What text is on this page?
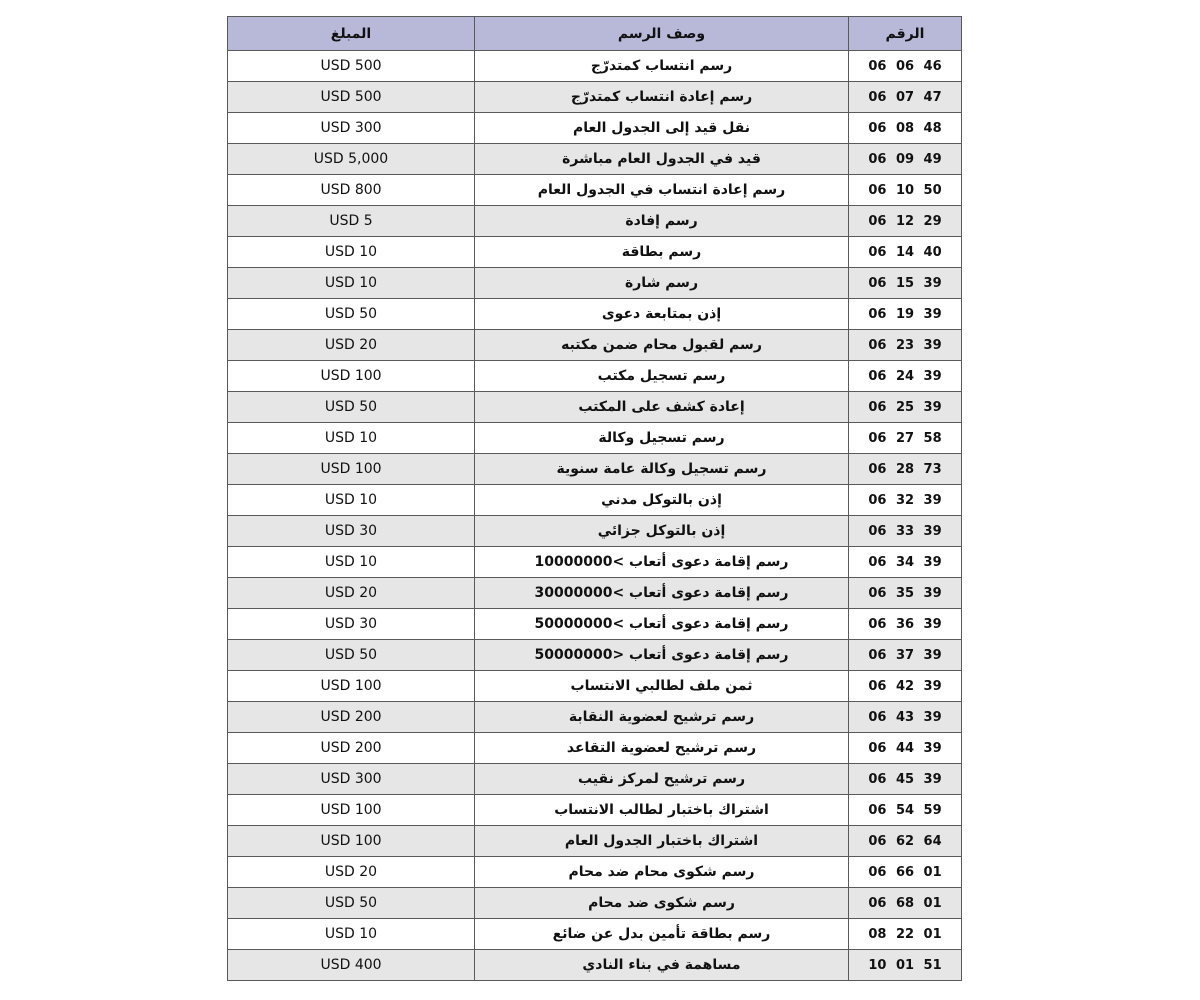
الرقم	وصف الرسم	المبلغ
06 06 46	رسم انتساب كمتدرّج	USD 500
06 07 47	رسم إعادة انتساب كمتدرّج	USD 500
06 08 48	نقل قيد إلى الجدول العام	USD 300
06 09 49	قيد في الجدول العام مباشرة	USD 5,000
06 10 50	رسم إعادة انتساب في الجدول العام	USD 800
06 12 29	رسم إفادة	USD 5
06 14 40	رسم بطاقة	USD 10
06 15 39	رسم شارة	USD 10
06 19 39	إذن بمتابعة دعوى	USD 50
06 23 39	رسم لقبول محام ضمن مكتبه	USD 20
06 24 39	رسم تسجيل مكتب	USD 100
06 25 39	إعادة كشف على المكتب	USD 50
06 27 58	رسم تسجيل وكالة	USD 10
06 28 73	رسم تسجيل وكالة عامة سنوية	USD 100
06 32 39	إذن بالتوكل مدني	USD 10
06 33 39	إذن بالتوكل جزائي	USD 30
06 34 39	رسم إقامة دعوى أتعاب >10000000	USD 10
06 35 39	رسم إقامة دعوى أتعاب >30000000	USD 20
06 36 39	رسم إقامة دعوى أتعاب >50000000	USD 30
06 37 39	رسم إقامة دعوى أتعاب <50000000	USD 50
06 42 39	ثمن ملف لطالبي الانتساب	USD 100
06 43 39	رسم ترشيح لعضوية النقابة	USD 200
06 44 39	رسم ترشيح لعضوية التقاعد	USD 200
06 45 39	رسم ترشيح لمركز نقيب	USD 300
06 54 59	اشتراك باختبار لطالب الانتساب	USD 100
06 62 64	اشتراك باختبار الجدول العام	USD 100
06 66 01	رسم شكوى محام ضد محام	USD 20
06 68 01	رسم شكوى ضد محام	USD 50
08 22 01	رسم بطاقة تأمين بدل عن ضائع	USD 10
10 01 51	مساهمة في بناء النادي	USD 400
